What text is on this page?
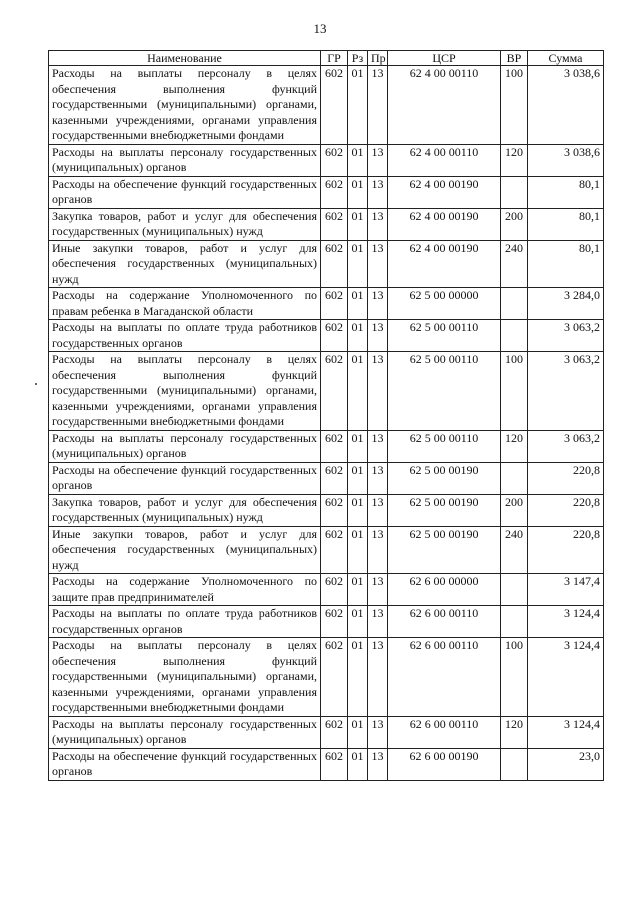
13
Наименование	ГР	Рз	Пр	ЦСР	ВР	Сумма
Расходы на выплаты персоналу в целях обеспечения выполнения функций государственными (муниципальными) органами, казенными учреждениями, органами управления государственными внебюджетными фондами	602	01	13	62 4 00 00110	100	3 038,6
Расходы на выплаты персоналу государственных (муниципальных) органов	602	01	13	62 4 00 00110	120	3 038,6
Расходы на обеспечение функций государственных органов	602	01	13	62 4 00 00190		80,1
Закупка товаров, работ и услуг для обеспечения государственных (муниципальных) нужд	602	01	13	62 4 00 00190	200	80,1
Иные закупки товаров, работ и услуг для обеспечения государственных (муниципальных) нужд	602	01	13	62 4 00 00190	240	80,1
Расходы на содержание Уполномоченного по правам ребенка в Магаданской области	602	01	13	62 5 00 00000		3 284,0
Расходы на выплаты по оплате труда работников государственных органов	602	01	13	62 5 00 00110		3 063,2
Расходы на выплаты персоналу в целях обеспечения выполнения функций государственными (муниципальными) органами, казенными учреждениями, органами управления государственными внебюджетными фондами	602	01	13	62 5 00 00110	100	3 063,2
Расходы на выплаты персоналу государственных (муниципальных) органов	602	01	13	62 5 00 00110	120	3 063,2
Расходы на обеспечение функций государственных органов	602	01	13	62 5 00 00190		220,8
Закупка товаров, работ и услуг для обеспечения государственных (муниципальных) нужд	602	01	13	62 5 00 00190	200	220,8
Иные закупки товаров, работ и услуг для обеспечения государственных (муниципальных) нужд	602	01	13	62 5 00 00190	240	220,8
Расходы на содержание Уполномоченного по защите прав предпринимателей	602	01	13	62 6 00 00000		3 147,4
Расходы на выплаты по оплате труда работников государственных органов	602	01	13	62 6 00 00110		3 124,4
Расходы на выплаты персоналу в целях обеспечения выполнения функций государственными (муниципальными) органами, казенными учреждениями, органами управления государственными внебюджетными фондами	602	01	13	62 6 00 00110	100	3 124,4
Расходы на выплаты персоналу государственных (муниципальных) органов	602	01	13	62 6 00 00110	120	3 124,4
Расходы на обеспечение функций государственных органов	602	01	13	62 6 00 00190		23,0
